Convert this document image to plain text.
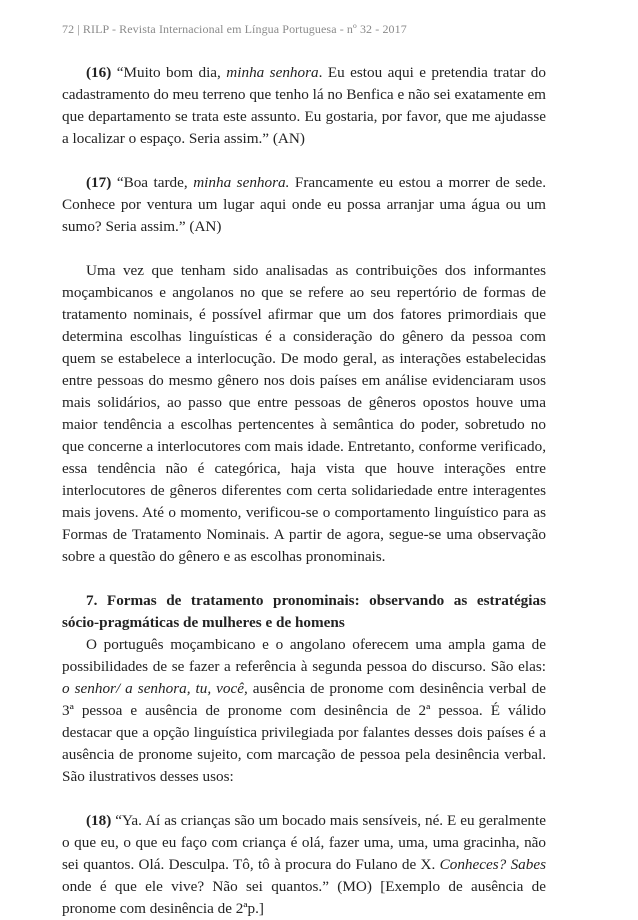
72 | RILP - Revista Internacional em Língua Portuguesa - nº 32 - 2017

(16) “Muito bom dia, minha senhora. Eu estou aqui e pretendia tratar do cadastramento do meu terreno que tenho lá no Benfica e não sei exatamente em que departamento se trata este assunto. Eu gostaria, por favor, que me ajudasse a localizar o espaço. Seria assim.” (AN)

(17) “Boa tarde, minha senhora. Francamente eu estou a morrer de sede. Conhece por ventura um lugar aqui onde eu possa arranjar uma água ou um sumo? Seria assim.” (AN)

Uma vez que tenham sido analisadas as contribuições dos informantes moçambicanos e angolanos no que se refere ao seu repertório de formas de tratamento nominais, é possível afirmar que um dos fatores primordiais que determina escolhas linguísticas é a consideração do gênero da pessoa com quem se estabelece a interlocução. De modo geral, as interações estabelecidas entre pessoas do mesmo gênero nos dois países em análise evidenciaram usos mais solidários, ao passo que entre pessoas de gêneros opostos houve uma maior tendência a escolhas pertencentes à semântica do poder, sobretudo no que concerne a interlocutores com mais idade. Entretanto, conforme verificado, essa tendência não é categórica, haja vista que houve interações entre interlocutores de gêneros diferentes com certa solidariedade entre interagentes mais jovens. Até o momento, verificou-se o comportamento linguístico para as Formas de Tratamento Nominais. A partir de agora, segue-se uma observação sobre a questão do gênero e as escolhas pronominais.

7. Formas de tratamento pronominais: observando as estratégias sócio-pragmáticas de mulheres e de homens

O português moçambicano e o angolano oferecem uma ampla gama de possibilidades de se fazer a referência à segunda pessoa do discurso. São elas: o senhor/ a senhora, tu, você, ausência de pronome com desinência verbal de 3ª pessoa e ausência de pronome com desinência de 2ª pessoa. É válido destacar que a opção linguística privilegiada por falantes desses dois países é a ausência de pronome sujeito, com marcação de pessoa pela desinência verbal. São ilustrativos desses usos:

(18) “Ya. Aí as crianças são um bocado mais sensíveis, né. E eu geralmente o que eu, o que eu faço com criança é olá, fazer uma, uma, uma gracinha, não sei quantos. Olá. Desculpa. Tô, tô à procura do Fulano de X. Conheces? Sabes onde é que ele vive? Não sei quantos.” (MO) [Exemplo de ausência de pronome com desinência de 2ªp.]
